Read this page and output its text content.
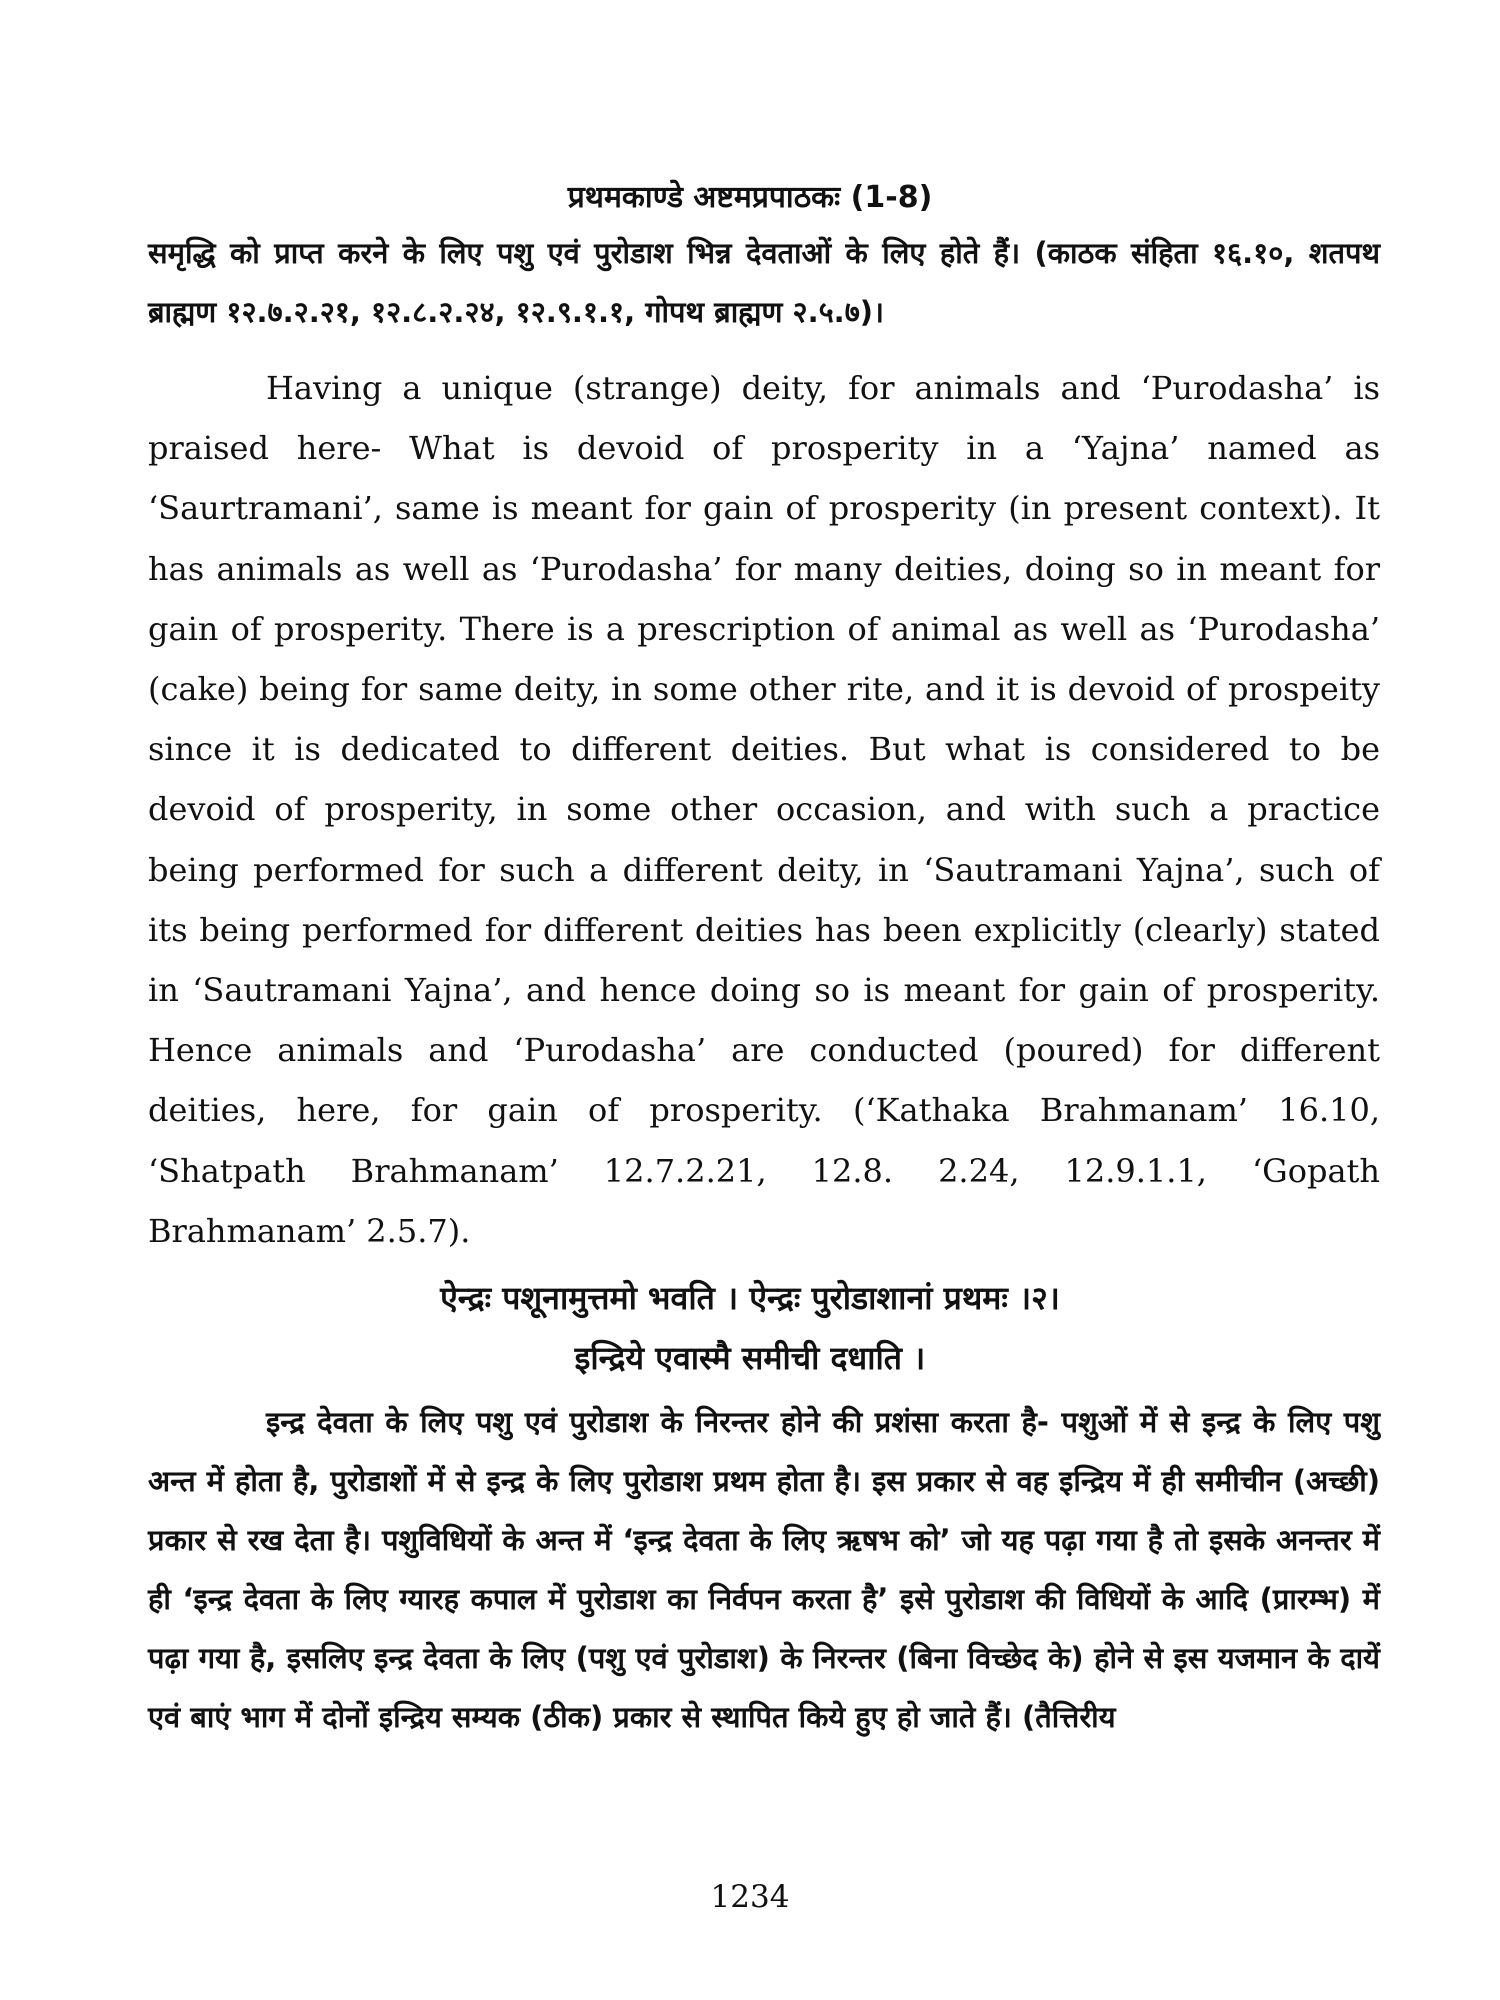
प्रथमकाण्डे अष्टमप्रपाठकः (1-8)
समृद्धि को प्राप्त करने के लिए पशु एवं पुरोडाश भिन्न देवताओं के लिए होते हैं। (काठक संहिता १६.१०, शतपथ ब्राह्मण १२.७.२.२१, १२.८.२.२४, १२.९.१.१, गोपथ ब्राह्मण २.५.७)।
Having a unique (strange) deity, for animals and ‘Purodasha’ is praised here- What is devoid of prosperity in a ‘Yajna’ named as ‘Saurtramani’, same is meant for gain of prosperity (in present context). It has animals as well as ‘Purodasha’ for many deities, doing so in meant for gain of prosperity. There is a prescription of animal as well as ‘Purodasha’ (cake) being for same deity, in some other rite, and it is devoid of prospeity since it is dedicated to different deities. But what is considered to be devoid of prosperity, in some other occasion, and with such a practice being performed for such a different deity, in ‘Sautramani Yajna’, such of its being performed for different deities has been explicitly (clearly) stated in ‘Sautramani Yajna’, and hence doing so is meant for gain of prosperity. Hence animals and ‘Purodasha’ are conducted (poured) for different deities, here, for gain of prosperity. (‘Kathaka Brahmanam’ 16.10, ‘Shatpath Brahmanam’ 12.7.2.21, 12.8. 2.24, 12.9.1.1, ‘Gopath Brahmanam’ 2.5.7).
ऐन्द्रः पशूनामुत्तमो भवति । ऐन्द्रः पुरोडाशानां प्रथमः ।२।
इन्द्रिये एवास्मै समीची दधाति ।
इन्द्र देवता के लिए पशु एवं पुरोडाश के निरन्तर होने की प्रशंसा करता है- पशुओं में से इन्द्र के लिए पशु अन्त में होता है, पुरोडाशों में से इन्द्र के लिए पुरोडाश प्रथम होता है। इस प्रकार से वह इन्द्रिय में ही समीचीन (अच्छी) प्रकार से रख देता है। पशुविधियों के अन्त में ‘इन्द्र देवता के लिए ऋषभ को’ जो यह पढ़ा गया है तो इसके अनन्तर में ही ‘इन्द्र देवता के लिए ग्यारह कपाल में पुरोडाश का निर्वपन करता है’ इसे पुरोडाश की विधियों के आदि (प्रारम्भ) में पढ़ा गया है, इसलिए इन्द्र देवता के लिए (पशु एवं पुरोडाश) के निरन्तर (बिना विच्छेद के) होने से इस यजमान के दायें एवं बाएं भाग में दोनों इन्द्रिय सम्यक (ठीक) प्रकार से स्थापित किये हुए हो जाते हैं। (तैत्तिरीय
1234
